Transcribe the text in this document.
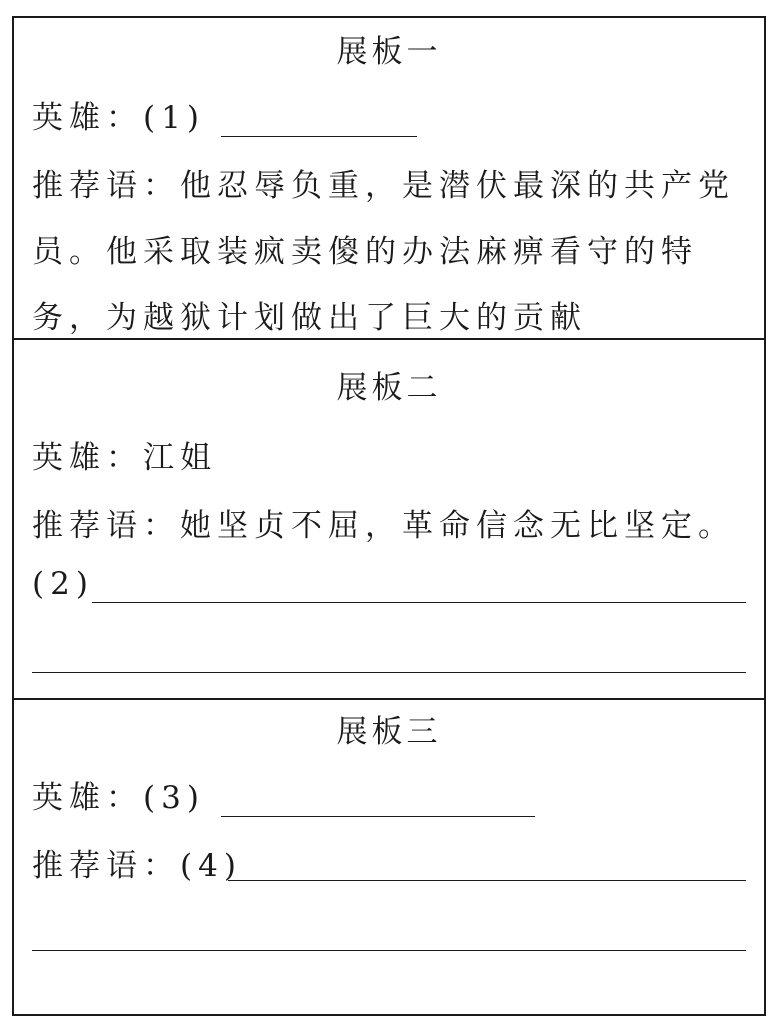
展板一
英雄：(1)
推荐语：他忍辱负重，是潜伏最深的共产党
员。他采取装疯卖傻的办法麻痹看守的特
务，为越狱计划做出了巨大的贡献
展板二
英雄：江姐
推荐语：她坚贞不屈，革命信念无比坚定。
(2)
展板三
英雄：(3)
推荐语：(4)
